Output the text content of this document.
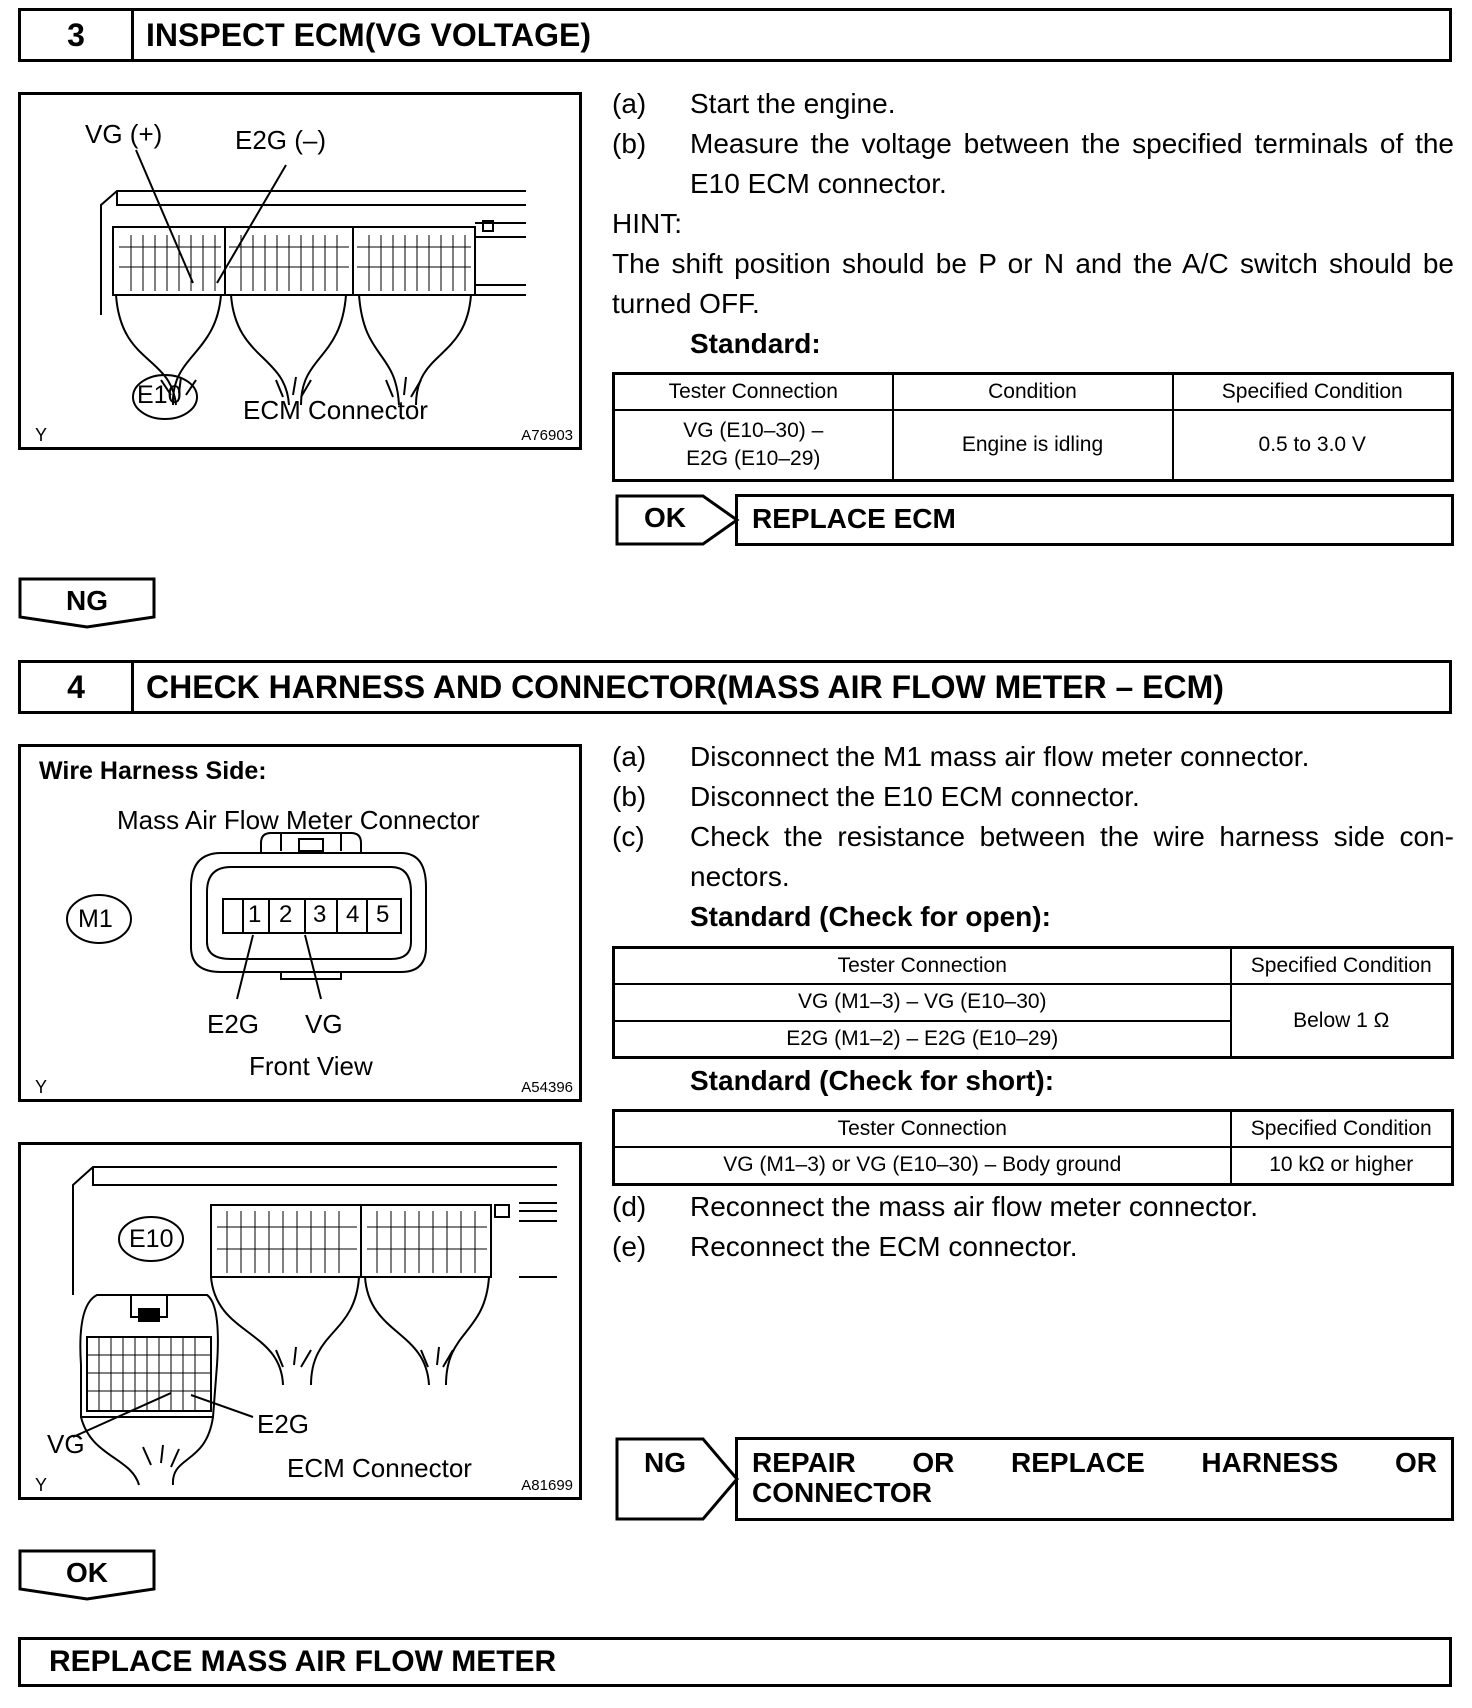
3	INSPECT ECM(VG VOLTAGE)
VG (+)	E2G (–)
E10 ECM Connector
Y	A76903
(a)	Start the engine.
(b)	Measure the voltage between the specified terminals of the E10 ECM connector.
HINT:
The shift position should be P or N and the A/C switch should be turned OFF.
Standard:
Tester Connection	Condition	Specified Condition

VG (E10–30) –
E2G (E10–29)	Engine is idling	0.5 to 3.0 V
OK	REPLACE ECM
NG
4	CHECK HARNESS AND CONNECTOR(MASS AIR FLOW METER – ECM)
Wire Harness Side:
Mass Air Flow Meter Connector
M1	1 2 3 4 5
E2G VG
Front View
Y	A54396
E10
E2G
VG
ECM Connector
Y	A81699
(a)	Disconnect the M1 mass air flow meter connector.
(b)	Disconnect the E10 ECM connector.
(c)	Check the resistance between the wire harness side con-nectors.
Standard (Check for open):
Tester Connection	Specified Condition
VG (M1–3) – VG (E10–30)	Below 1 Ω
E2G (M1–2) – E2G (E10–29)	
Standard (Check for short):
Tester Connection	Specified Condition
VG (M1–3) or VG (E10–30) – Body ground	10 kΩ or higher
(d)	Reconnect the mass air flow meter connector.
(e)	Reconnect the ECM connector.
NG	REPAIR OR REPLACE HARNESS OR
CONNECTOR
OK
REPLACE MASS AIR FLOW METER
